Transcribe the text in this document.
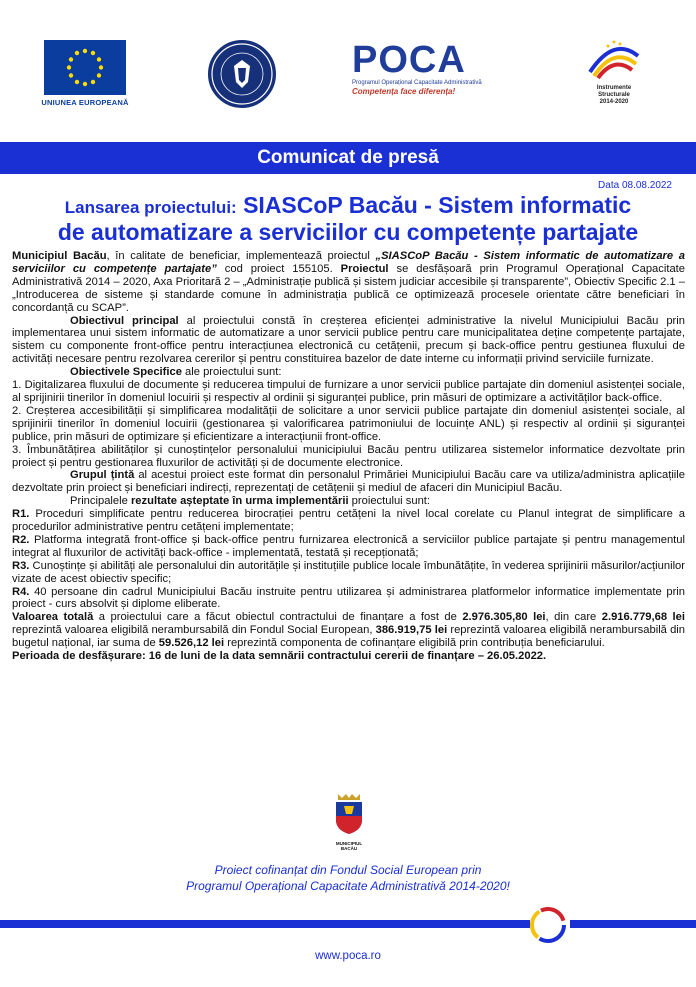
UNIUNEA EUROPEANĂ
POCA
Programul Operațional Capacitate Administrativă
Competența face diferența!	Instrumente Structurale
2014-2020
Comunicat de presă
Data 08.08.2022
Lansarea proiectului: SIASCoP Bacău - Sistem informatic
de automatizare a serviciilor cu competențe partajate

Municipiul Bacău, în calitate de beneficiar, implementează proiectul „SIASCoP Bacău - Sistem informatic de automatizare a serviciilor cu competențe partajate” cod proiect 155105. Proiectul se desfășoară prin Programul Operațional Capacitate Administrativă 2014 – 2020, Axa Prioritară 2 – „Administrație publică și sistem judiciar accesibile și transparente”, Obiectiv Specific 2.1 – „Introducerea de sisteme și standarde comune în administrația publică ce optimizează procesele orientate către beneficiari în concordanță cu SCAP”.

Obiectivul principal al proiectului constă în creșterea eficienței administrative la nivelul Municipiului Bacău prin implementarea unui sistem informatic de automatizare a unor servicii publice pentru care municipalitatea deține competențe partajate, sistem cu componente front-office pentru interacțiunea electronică cu cetățenii, precum și back-office pentru gestiunea fluxului de activități necesare pentru rezolvarea cererilor și pentru constituirea bazelor de date interne cu informații privind serviciile furnizate.

Obiectivele Specifice ale proiectului sunt:

1. Digitalizarea fluxului de documente și reducerea timpului de furnizare a unor servicii publice partajate din domeniul asistenței sociale, al sprijinirii tinerilor în domeniul locuirii și respectiv al ordinii și siguranței publice, prin măsuri de optimizare a activităților back-office.

2. Creșterea accesibilității și simplificarea modalității de solicitare a unor servicii publice partajate din domeniul asistenței sociale, al sprijinirii tinerilor în domeniul locuirii (gestionarea și valorificarea patrimoniului de locuințe ANL) și respectiv al ordinii și siguranței publice, prin măsuri de optimizare și eficientizare a interacțiunii front-office.

3. Îmbunătățirea abilităților și cunoștințelor personalului municipiului Bacău pentru utilizarea sistemelor informatice dezvoltate prin proiect și pentru gestionarea fluxurilor de activități și de documente electronice.

Grupul țintă al acestui proiect este format din personalul Primăriei Municipiului Bacău care va utiliza/administra aplicațiile dezvoltate prin proiect și beneficiari indirecți, reprezentați de cetățenii și mediul de afaceri din Municipiul Bacău.

Principalele rezultate așteptate în urma implementării proiectului sunt:

R1. Proceduri simplificate pentru reducerea birocrației pentru cetățeni la nivel local corelate cu Planul integrat de simplificare a procedurilor administrative pentru cetățeni implementate;

R2. Platforma integrată front-office și back-office pentru furnizarea electronică a serviciilor publice partajate și pentru managementul integrat al fluxurilor de activități back-office - implementată, testată și recepționată;

R3. Cunoștințe și abilități ale personalului din autoritățile și instituțiile publice locale îmbunătățite, în vederea sprijinirii măsurilor/acțiunilor vizate de acest obiectiv specific;

R4. 40 persoane din cadrul Municipiului Bacău instruite pentru utilizarea și administrarea platformelor informatice implementate prin proiect - curs absolvit și diplome eliberate.

Valoarea totală a proiectului care a făcut obiectul contractului de finanțare a fost de 2.976.305,80 lei, din care 2.916.779,68 lei reprezintă valoarea eligibilă nerambursabilă din Fondul Social European, 386.919,75 lei reprezintă valoarea eligibilă nerambursabilă din bugetul național, iar suma de 59.526,12 lei reprezintă componenta de cofinanțare eligibilă prin contribuția beneficiarului.

Perioada de desfășurare: 16 de luni de la data semnării contractului cererii de finanțare – 26.05.2022.

MUNICIPIUL BACĂU
Proiect cofinanțat din Fondul Social European prin
Programul Operațional Capacitate Administrativă 2014-2020!
www.poca.ro
